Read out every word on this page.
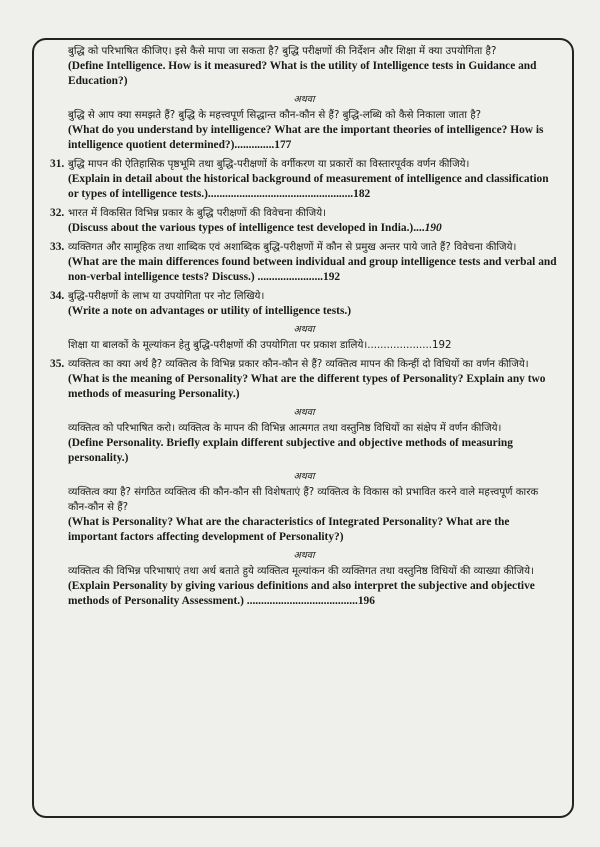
बुद्धि को परिभाषित कीजिए। इसे कैसे मापा जा सकता है? बुद्धि परीक्षणों की निर्देशन और शिक्षा में क्या उपयोगिता है?
(Define Intelligence. How is it measured? What is the utility of Intelligence tests in Guidance and Education?)
अथवा
बुद्धि से आप क्या समझते हैं? बुद्धि के महत्त्वपूर्ण सिद्धान्त कौन-कौन से हैं? बुद्धि-लब्धि को कैसे निकाला जाता है?
(What do you understand by intelligence? What are the important theories of intelligence? How is intelligence quotient determined?)..............177
31. बुद्धि मापन की ऐतिहासिक पृष्ठभूमि तथा बुद्धि-परीक्षणों के वर्गीकरण या प्रकारों का विस्तारपूर्वक वर्णन कीजिये।
(Explain in detail about the historical background of measurement of intelligence and classification or types of intelligence tests.)...................................................182
32. भारत में विकसित विभिन्न प्रकार के बुद्धि परीक्षणों की विवेचना कीजिये।
(Discuss about the various types of intelligence test developed in India.)....190
33. व्यक्तिगत और सामूहिक तथा शाब्दिक एवं अशाब्दिक बुद्धि-परीक्षणों में कौन से प्रमुख अन्तर पाये जाते हैं? विवेचना कीजिये।
(What are the main differences found between individual and group intelligence tests and verbal and non-verbal intelligence tests? Discuss.) .......................192
34. बुद्धि-परीक्षणों के लाभ या उपयोगिता पर नोट लिखिये।
(Write a note on advantages or utility of intelligence tests.)
अथवा
शिक्षा या बालकों के मूल्यांकन हेतु बुद्धि-परीक्षणों की उपयोगिता पर प्रकाश डालिये।....................192
35. व्यक्तित्व का क्या अर्थ है? व्यक्तित्व के विभिन्न प्रकार कौन-कौन से हैं? व्यक्तित्व मापन की किन्हीं दो विधियों का वर्णन कीजिये।
(What is the meaning of Personality? What are the different types of Personality? Explain any two methods of measuring Personality.)
अथवा
व्यक्तित्व को परिभाषित करो। व्यक्तित्व के मापन की विभिन्न आत्मगत तथा वस्तुनिष्ठ विधियों का संक्षेप में वर्णन कीजिये।
(Define Personality. Briefly explain different subjective and objective methods of measuring personality.)
अथवा
व्यक्तित्व क्या है? संगठित व्यक्तित्व की कौन-कौन सी विशेषताएं हैं? व्यक्तित्व के विकास को प्रभावित करने वाले महत्त्वपूर्ण कारक कौन-कौन से हैं?
(What is Personality? What are the characteristics of Integrated Personality? What are the important factors affecting development of Personality?)
अथवा
व्यक्तित्व की विभिन्न परिभाषाएं तथा अर्थ बताते हुये व्यक्तित्व मूल्यांकन की व्यक्तिगत तथा वस्तुनिष्ठ विधियों की व्याख्या कीजिये।
(Explain Personality by giving various definitions and also interpret the subjective and objective methods of Personality Assessment.) .......................................196
